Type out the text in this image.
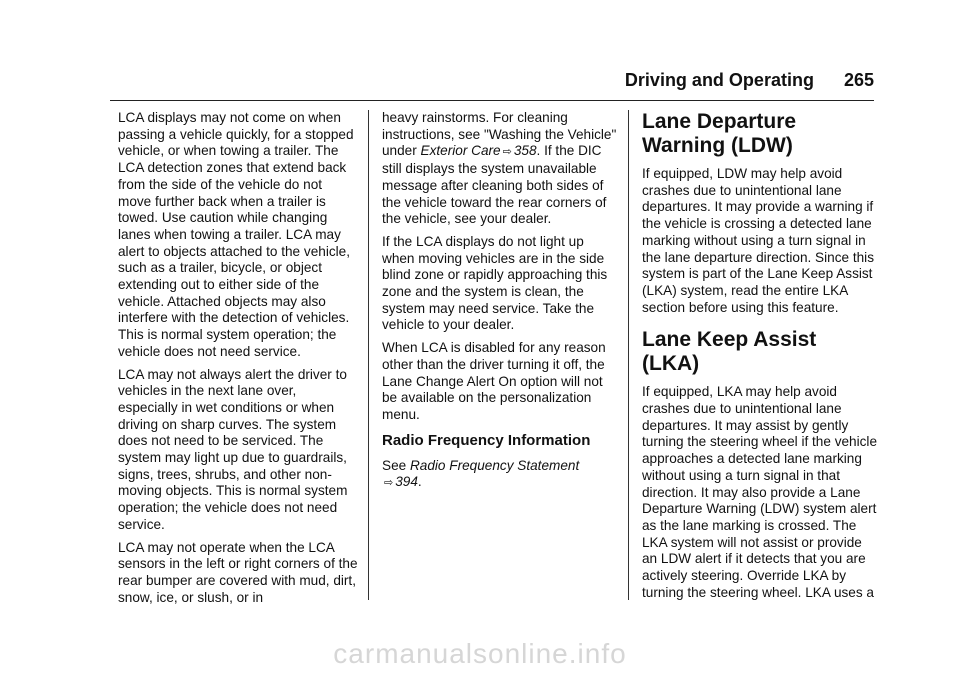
Driving and Operating 265

LCA displays may not come on when passing a vehicle quickly, for a stopped vehicle, or when towing a trailer. The LCA detection zones that extend back from the side of the vehicle do not move further back when a trailer is towed. Use caution while changing lanes when towing a trailer. LCA may alert to objects attached to the vehicle, such as a trailer, bicycle, or object extending out to either side of the vehicle. Attached objects may also interfere with the detection of vehicles. This is normal system operation; the vehicle does not need service.

LCA may not always alert the driver to vehicles in the next lane over, especially in wet conditions or when driving on sharp curves. The system does not need to be serviced. The system may light up due to guardrails, signs, trees, shrubs, and other non-moving objects. This is normal system operation; the vehicle does not need service.

LCA may not operate when the LCA sensors in the left or right corners of the rear bumper are covered with mud, dirt, snow, ice, or slush, or in

heavy rainstorms. For cleaning instructions, see "Washing the Vehicle" under Exterior Care ⇨ 358. If the DIC still displays the system unavailable message after cleaning both sides of the vehicle toward the rear corners of the vehicle, see your dealer.

If the LCA displays do not light up when moving vehicles are in the side blind zone or rapidly approaching this zone and the system is clean, the system may need service. Take the vehicle to your dealer.

When LCA is disabled for any reason other than the driver turning it off, the Lane Change Alert On option will not be available on the personalization menu.

Radio Frequency Information

See Radio Frequency Statement
⇨ 394.

Lane Departure Warning (LDW)

If equipped, LDW may help avoid crashes due to unintentional lane departures. It may provide a warning if the vehicle is crossing a detected lane marking without using a turn signal in the lane departure direction. Since this system is part of the Lane Keep Assist (LKA) system, read the entire LKA section before using this feature.

Lane Keep Assist (LKA)

If equipped, LKA may help avoid crashes due to unintentional lane departures. It may assist by gently turning the steering wheel if the vehicle approaches a detected lane marking without using a turn signal in that direction. It may also provide a Lane Departure Warning (LDW) system alert as the lane marking is crossed. The LKA system will not assist or provide an LDW alert if it detects that you are actively steering. Override LKA by turning the steering wheel. LKA uses a

carmanualsonline.info
